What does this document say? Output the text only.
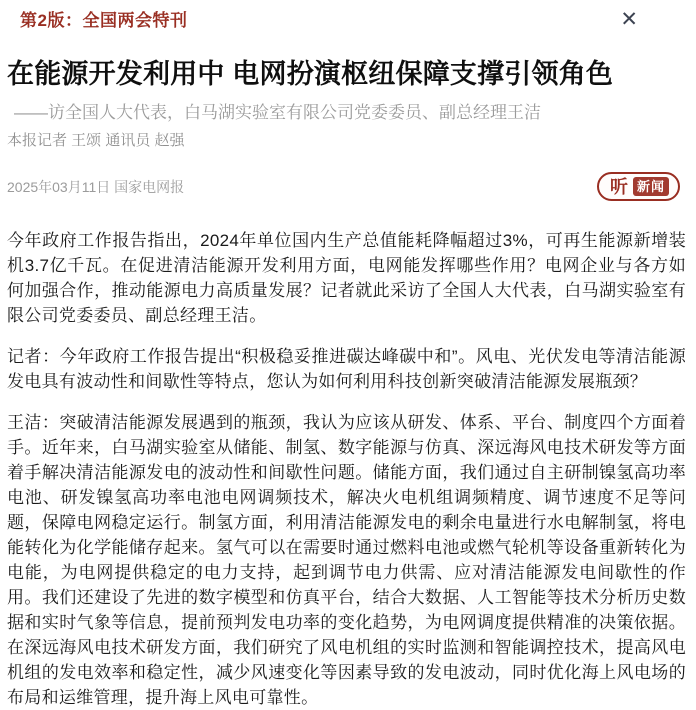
第2版：全国两会特刊	✕
在能源开发利用中 电网扮演枢纽保障支撑引领角色
——访全国人大代表，白马湖实验室有限公司党委委员、副总经理王洁
本报记者 王颂 通讯员 赵强
2025年03月11日 国家电网报	听 新闻

今年政府工作报告指出，2024年单位国内生产总值能耗降幅超过3%，可再生能源新增装机3.7亿千瓦。在促进清洁能源开发利用方面，电网能发挥哪些作用？电网企业与各方如何加强合作，推动能源电力高质量发展？记者就此采访了全国人大代表，白马湖实验室有限公司党委委员、副总经理王洁。

记者：今年政府工作报告提出“积极稳妥推进碳达峰碳中和”。风电、光伏发电等清洁能源发电具有波动性和间歇性等特点，您认为如何利用科技创新突破清洁能源发展瓶颈？

王洁：突破清洁能源发展遇到的瓶颈，我认为应该从研发、体系、平台、制度四个方面着手。近年来，白马湖实验室从储能、制氢、数字能源与仿真、深远海风电技术研发等方面着手解决清洁能源发电的波动性和间歇性问题。储能方面，我们通过自主研制镍氢高功率电池、研发镍氢高功率电池电网调频技术，解决火电机组调频精度、调节速度不足等问题，保障电网稳定运行。制氢方面，利用清洁能源发电的剩余电量进行水电解制氢，将电能转化为化学能储存起来。氢气可以在需要时通过燃料电池或燃气轮机等设备重新转化为电能，为电网提供稳定的电力支持，起到调节电力供需、应对清洁能源发电间歇性的作用。我们还建设了先进的数字模型和仿真平台，结合大数据、人工智能等技术分析历史数据和实时气象等信息，提前预判发电功率的变化趋势，为电网调度提供精准的决策依据。在深远海风电技术研发方面，我们研究了风电机组的实时监测和智能调控技术，提高风电机组的发电效率和稳定性，减少风速变化等因素导致的发电波动，同时优化海上风电场的布局和运维管理，提升海上风电可靠性。
